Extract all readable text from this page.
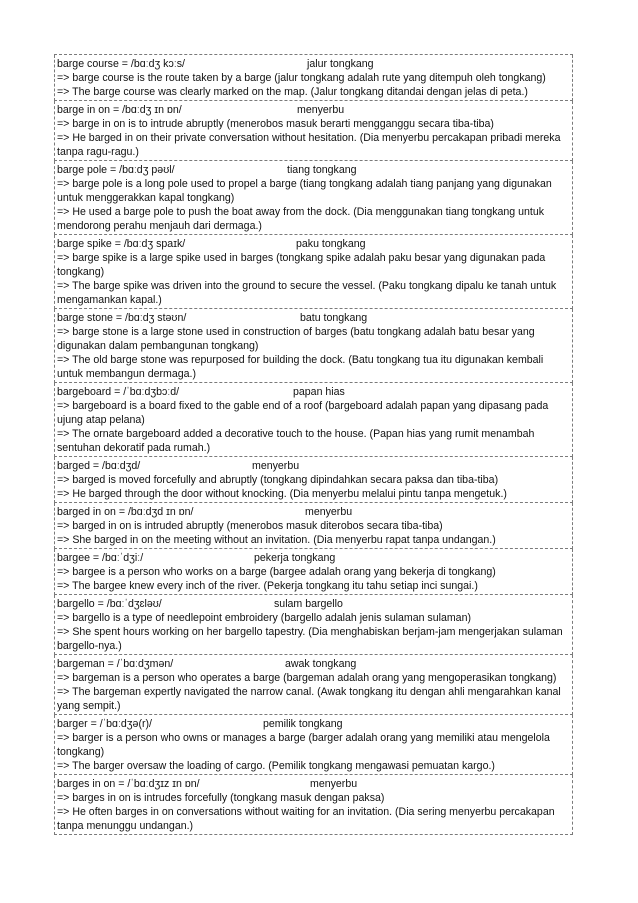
barge course = /bɑːdʒ kɔːs/	jalur tongkang
=> barge course is the route taken by a barge (jalur tongkang adalah rute yang ditempuh oleh tongkang)
=> The barge course was clearly marked on the map. (Jalur tongkang ditandai dengan jelas di peta.)
barge in on = /bɑːdʒ ɪn ɒn/	menyerbu
=> barge in on is to intrude abruptly (menerobos masuk berarti mengganggu secara tiba-tiba)
=> He barged in on their private conversation without hesitation. (Dia menyerbu percakapan pribadi mereka tanpa ragu-ragu.)
barge pole = /bɑːdʒ pəʊl/	tiang tongkang
=> barge pole is a long pole used to propel a barge (tiang tongkang adalah tiang panjang yang digunakan untuk menggerakkan kapal tongkang)
=> He used a barge pole to push the boat away from the dock. (Dia menggunakan tiang tongkang untuk mendorong perahu menjauh dari dermaga.)
barge spike = /bɑːdʒ spaɪk/	paku tongkang
=> barge spike is a large spike used in barges (tongkang spike adalah paku besar yang digunakan pada tongkang)
=> The barge spike was driven into the ground to secure the vessel. (Paku tongkang dipalu ke tanah untuk mengamankan kapal.)
barge stone = /bɑːdʒ stəʊn/	batu tongkang
=> barge stone is a large stone used in construction of barges (batu tongkang adalah batu besar yang digunakan dalam pembangunan tongkang)
=> The old barge stone was repurposed for building the dock. (Batu tongkang tua itu digunakan kembali untuk membangun dermaga.)
bargeboard = /ˈbɑːdʒbɔːd/	papan hias
=> bargeboard is a board fixed to the gable end of a roof (bargeboard adalah papan yang dipasang pada ujung atap pelana)
=> The ornate bargeboard added a decorative touch to the house. (Papan hias yang rumit menambah sentuhan dekoratif pada rumah.)
barged = /bɑːdʒd/	menyerbu
=> barged is moved forcefully and abruptly (tongkang dipindahkan secara paksa dan tiba-tiba)
=> He barged through the door without knocking. (Dia menyerbu melalui pintu tanpa mengetuk.)
barged in on = /bɑːdʒd ɪn ɒn/	menyerbu
=> barged in on is intruded abruptly (menerobos masuk diterobos secara tiba-tiba)
=> She barged in on the meeting without an invitation. (Dia menyerbu rapat tanpa undangan.)
bargee = /bɑːˈdʒiː/	pekerja tongkang
=> bargee is a person who works on a barge (bargee adalah orang yang bekerja di tongkang)
=> The bargee knew every inch of the river. (Pekerja tongkang itu tahu setiap inci sungai.)
bargello = /bɑːˈdʒɛləʊ/	sulam bargello
=> bargello is a type of needlepoint embroidery (bargello adalah jenis sulaman sulaman)
=> She spent hours working on her bargello tapestry. (Dia menghabiskan berjam-jam mengerjakan sulaman bargello-nya.)
bargeman = /ˈbɑːdʒmən/	awak tongkang
=> bargeman is a person who operates a barge (bargeman adalah orang yang mengoperasikan tongkang)
=> The bargeman expertly navigated the narrow canal. (Awak tongkang itu dengan ahli mengarahkan kanal yang sempit.)
barger = /ˈbɑːdʒə(r)/	pemilik tongkang
=> barger is a person who owns or manages a barge (barger adalah orang yang memiliki atau mengelola tongkang)
=> The barger oversaw the loading of cargo. (Pemilik tongkang mengawasi pemuatan kargo.)
barges in on = /ˈbɑːdʒɪz ɪn ɒn/	menyerbu
=> barges in on is intrudes forcefully (tongkang masuk dengan paksa)
=> He often barges in on conversations without waiting for an invitation. (Dia sering menyerbu percakapan tanpa menunggu undangan.)
